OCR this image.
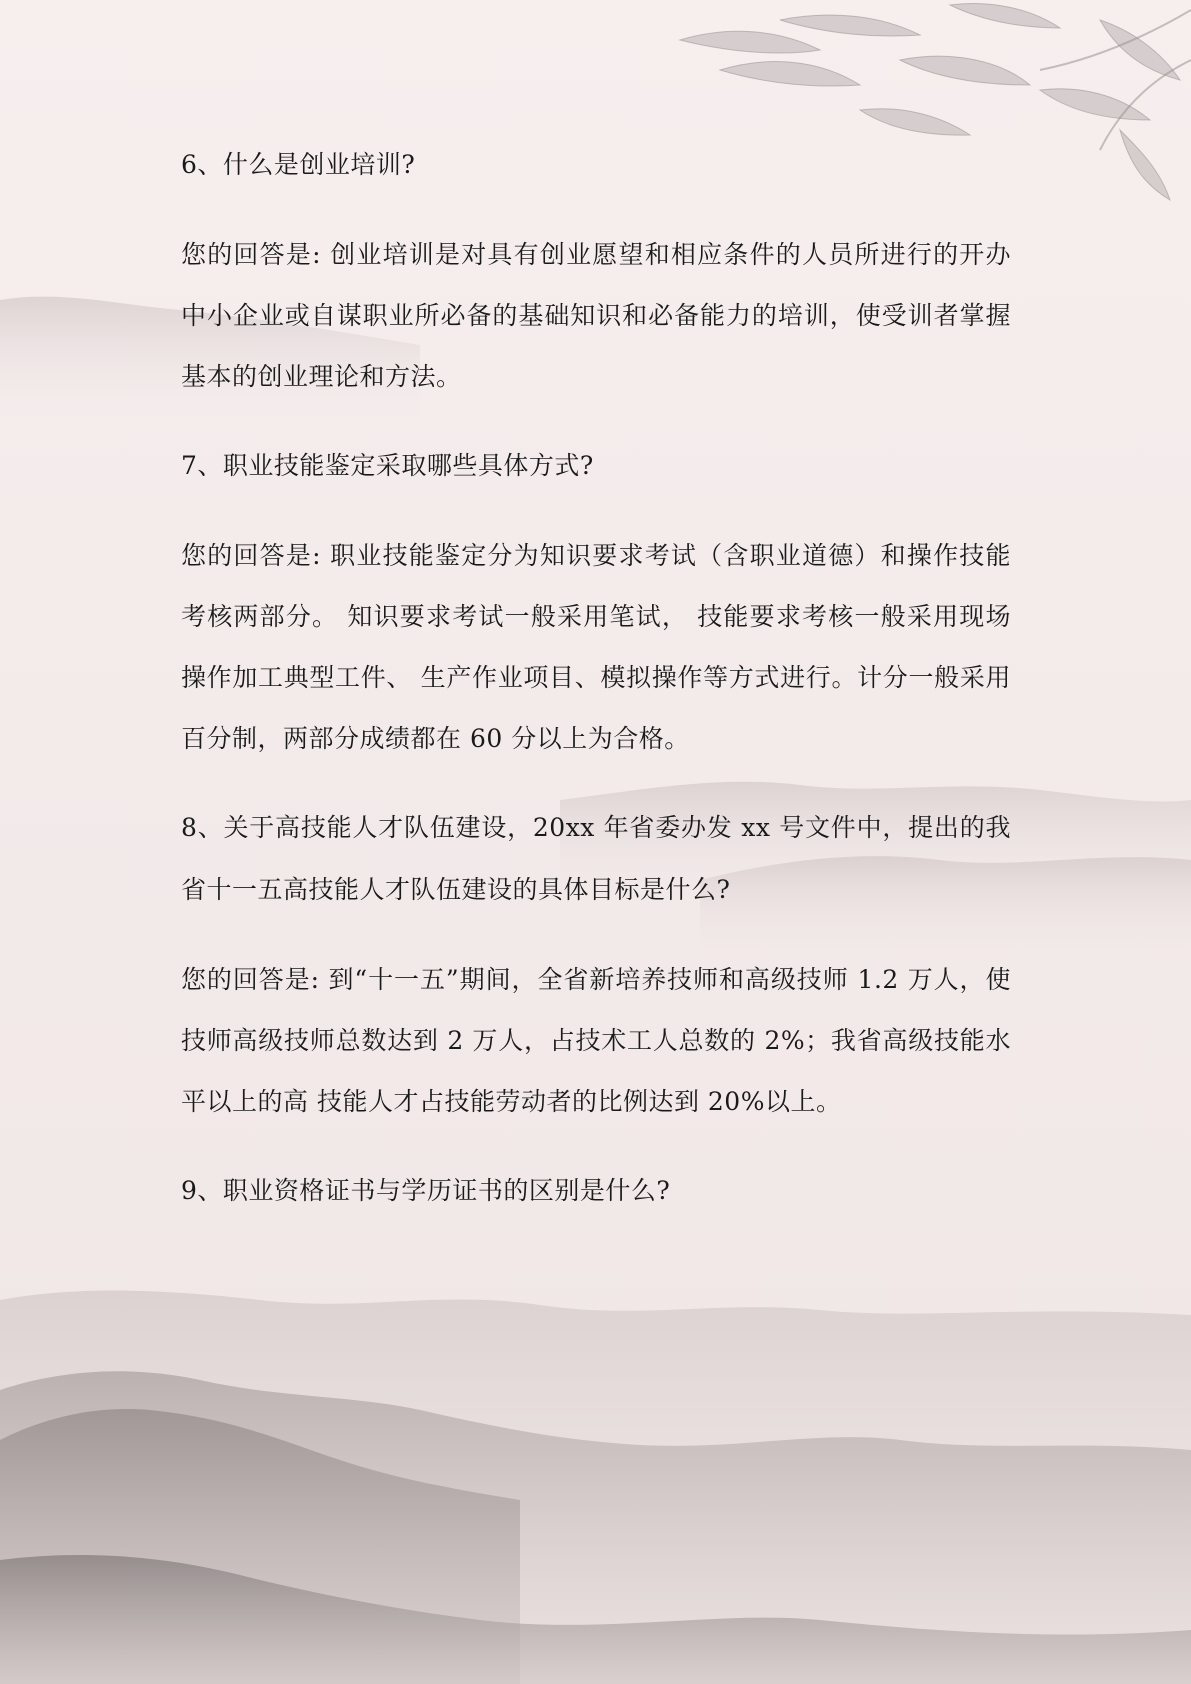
6、什么是创业培训?

您的回答是: 创业培训是对具有创业愿望和相应条件的人员所进行的开办中小企业或自谋职业所必备的基础知识和必备能力的培训，使受训者掌握基本的创业理论和方法。

7、职业技能鉴定采取哪些具体方式?

您的回答是: 职业技能鉴定分为知识要求考试（含职业道德）和操作技能考核两部分。 知识要求考试一般采用笔试， 技能要求考核一般采用现场操作加工典型工件、 生产作业项目、模拟操作等方式进行。计分一般采用百分制，两部分成绩都在 60 分以上为合格。

8、关于高技能人才队伍建设，20xx 年省委办发 xx 号文件中，提出的我省十一五高技能人才队伍建设的具体目标是什么?

您的回答是: 到“十一五”期间，全省新培养技师和高级技师 1.2 万人，使技师高级技师总数达到 2 万人，占技术工人总数的 2%；我省高级技能水平以上的高 技能人才占技能劳动者的比例达到 20%以上。

9、职业资格证书与学历证书的区别是什么?
